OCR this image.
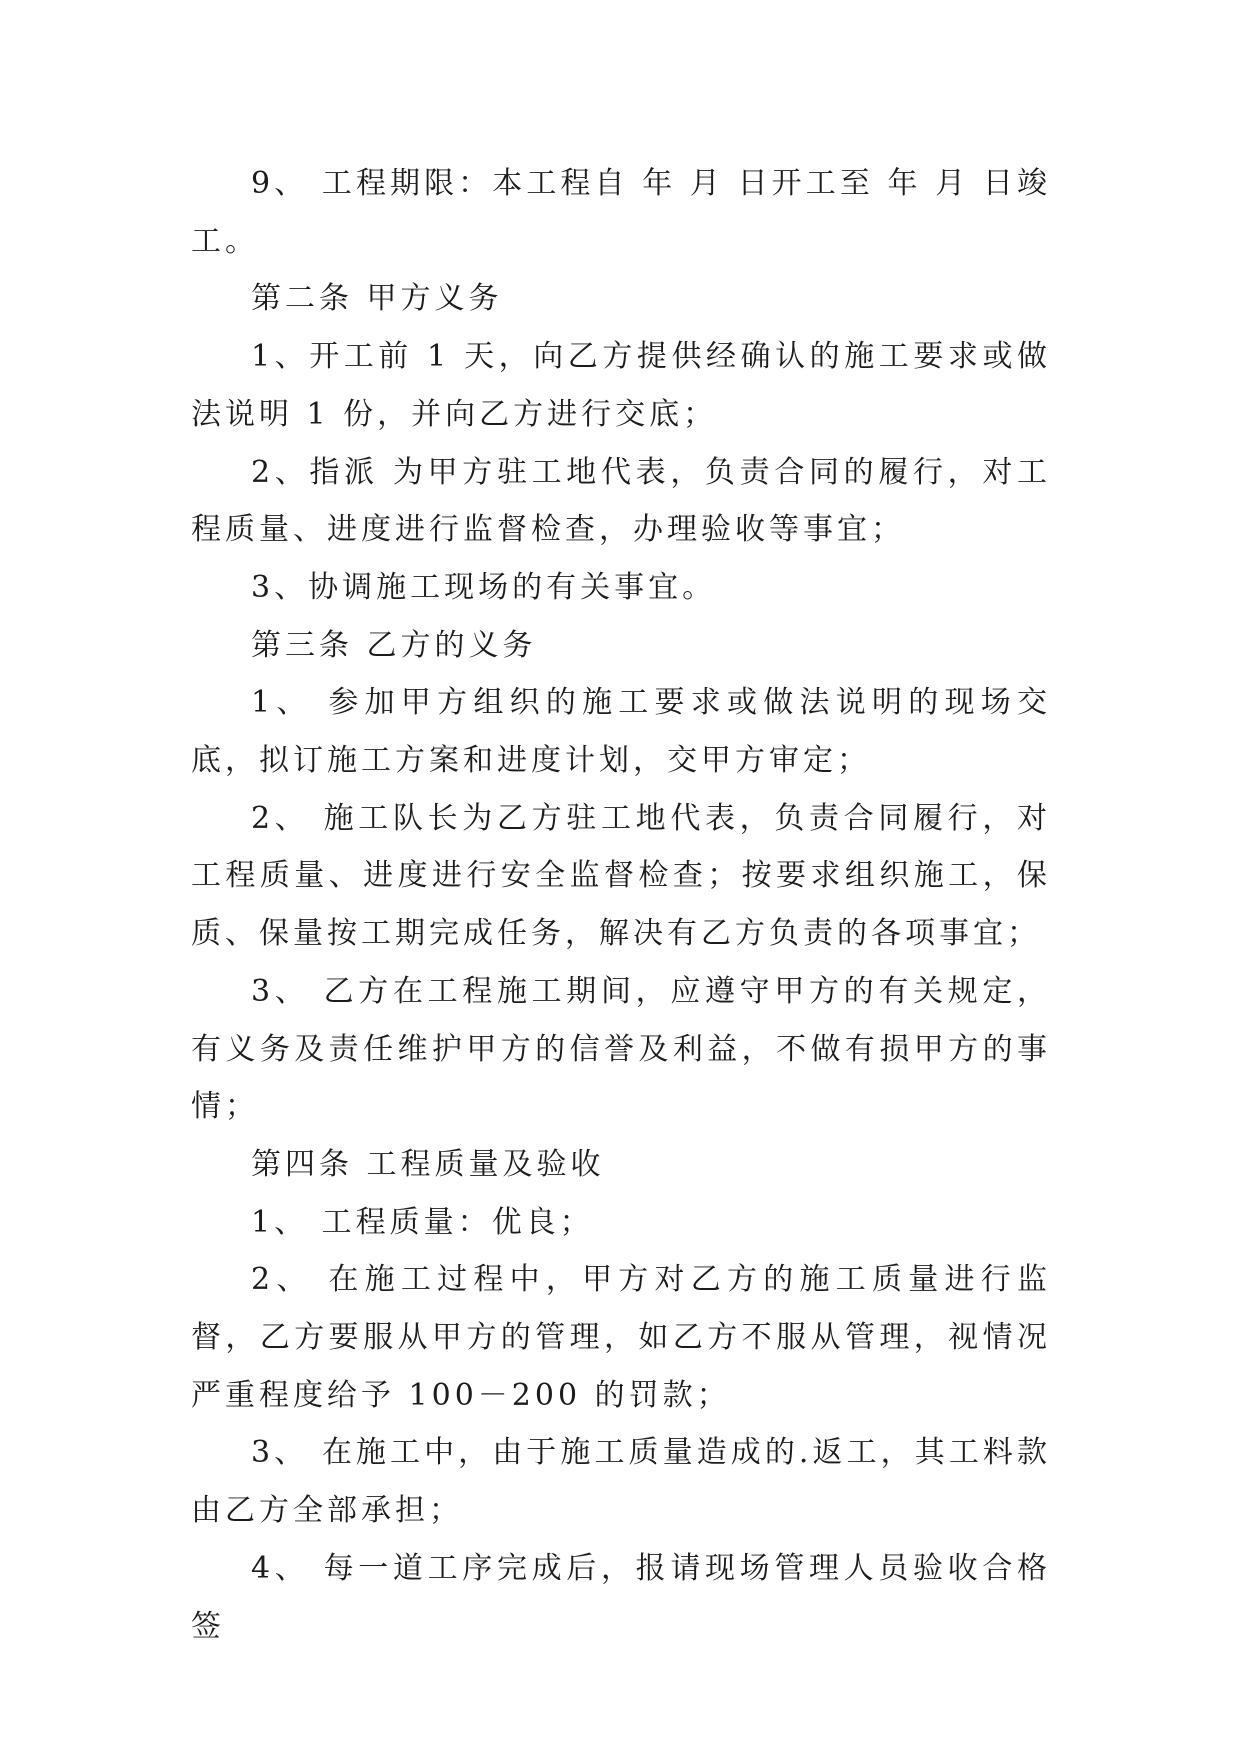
9、 工程期限：本工程自 年 月 日开工至 年 月 日竣工。

第二条 甲方义务

1、开工前 1 天，向乙方提供经确认的施工要求或做法说明 1 份，并向乙方进行交底；

2、指派 为甲方驻工地代表，负责合同的履行，对工程质量、进度进行监督检查，办理验收等事宜；

3、协调施工现场的有关事宜。

第三条 乙方的义务

1、 参加甲方组织的施工要求或做法说明的现场交底，拟订施工方案和进度计划，交甲方审定；

2、 施工队长为乙方驻工地代表，负责合同履行，对工程质量、进度进行安全监督检查；按要求组织施工，保质、保量按工期完成任务，解决有乙方负责的各项事宜；

3、 乙方在工程施工期间，应遵守甲方的有关规定，有义务及责任维护甲方的信誉及利益，不做有损甲方的事情；

第四条 工程质量及验收

1、 工程质量：优良；

2、 在施工过程中，甲方对乙方的施工质量进行监督，乙方要服从甲方的管理，如乙方不服从管理，视情况严重程度给予 100－200 的罚款；

3、 在施工中，由于施工质量造成的.返工，其工料款由乙方全部承担；

4、 每一道工序完成后，报请现场管理人员验收合格签
